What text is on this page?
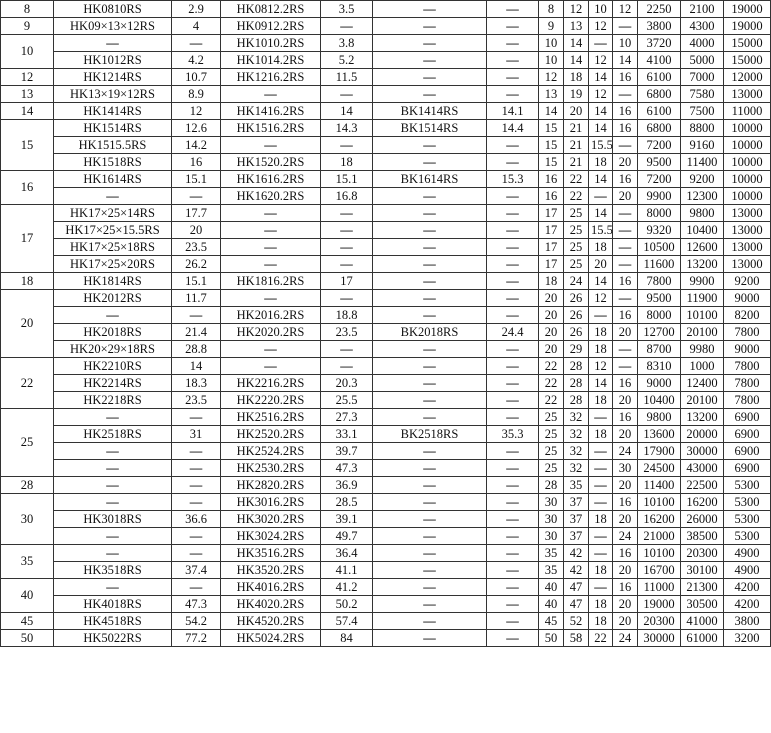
8	HK0810RS	2.9	HK0812.2RS	3.5	—	—	8	12	10	12	2250	2100	19000
9	HK09×13×12RS	4	HK0912.2RS	—	—	—	9	13	12	—	3800	4300	19000
10	—	—	HK1010.2RS	3.8	—	—	10	14	—	10	3720	4000	15000
	HK1012RS	4.2	HK1014.2RS	5.2	—	—	10	14	12	14	4100	5000	15000
12	HK1214RS	10.7	HK1216.2RS	11.5	—	—	12	18	14	16	6100	7000	12000
13	HK13×19×12RS	8.9	—	—	—	—	13	19	12	—	6800	7580	13000
14	HK1414RS	12	HK1416.2RS	14	BK1414RS	14.1	14	20	14	16	6100	7500	11000
15	HK1514RS	12.6	HK1516.2RS	14.3	BK1514RS	14.4	15	21	14	16	6800	8800	10000
	HK1515.5RS	14.2	—	—	—	—	15	21	15.5	—	7200	9160	10000
	HK1518RS	16	HK1520.2RS	18	—	—	15	21	18	20	9500	11400	10000
16	HK1614RS	15.1	HK1616.2RS	15.1	BK1614RS	15.3	16	22	14	16	7200	9200	10000
	—	—	HK1620.2RS	16.8	—	—	16	22	—	20	9900	12300	10000
17	HK17×25×14RS	17.7	—	—	—	—	17	25	14	—	8000	9800	13000
	HK17×25×15.5RS	20	—	—	—	—	17	25	15.5	—	9320	10400	13000
	HK17×25×18RS	23.5	—	—	—	—	17	25	18	—	10500	12600	13000
	HK17×25×20RS	26.2	—	—	—	—	17	25	20	—	11600	13200	13000
18	HK1814RS	15.1	HK1816.2RS	17	—	—	18	24	14	16	7800	9900	9200
20	HK2012RS	11.7	—	—	—	—	20	26	12	—	9500	11900	9000
	—	—	HK2016.2RS	18.8	—	—	20	26	—	16	8000	10100	8200
	HK2018RS	21.4	HK2020.2RS	23.5	BK2018RS	24.4	20	26	18	20	12700	20100	7800
	HK20×29×18RS	28.8	—	—	—	—	20	29	18	—	8700	9980	9000
22	HK2210RS	14	—	—	—	—	22	28	12	—	8310	1000	7800
	HK2214RS	18.3	HK2216.2RS	20.3	—	—	22	28	14	16	9000	12400	7800
	HK2218RS	23.5	HK2220.2RS	25.5	—	—	22	28	18	20	10400	20100	7800
25	—	—	HK2516.2RS	27.3	—	—	25	32	—	16	9800	13200	6900
	HK2518RS	31	HK2520.2RS	33.1	BK2518RS	35.3	25	32	18	20	13600	20000	6900
	—	—	HK2524.2RS	39.7	—	—	25	32	—	24	17900	30000	6900
	—	—	HK2530.2RS	47.3	—	—	25	32	—	30	24500	43000	6900
28	—	—	HK2820.2RS	36.9	—	—	28	35	—	20	11400	22500	5300
30	—	—	HK3016.2RS	28.5	—	—	30	37	—	16	10100	16200	5300
	HK3018RS	36.6	HK3020.2RS	39.1	—	—	30	37	18	20	16200	26000	5300
	—	—	HK3024.2RS	49.7	—	—	30	37	—	24	21000	38500	5300
35	—	—	HK3516.2RS	36.4	—	—	35	42	—	16	10100	20300	4900
	HK3518RS	37.4	HK3520.2RS	41.1	—	—	35	42	18	20	16700	30100	4900
40	—	—	HK4016.2RS	41.2	—	—	40	47	—	16	11000	21300	4200
	HK4018RS	47.3	HK4020.2RS	50.2	—	—	40	47	18	20	19000	30500	4200
45	HK4518RS	54.2	HK4520.2RS	57.4	—	—	45	52	18	20	20300	41000	3800
50	HK5022RS	77.2	HK5024.2RS	84	—	—	50	58	22	24	30000	61000	3200
